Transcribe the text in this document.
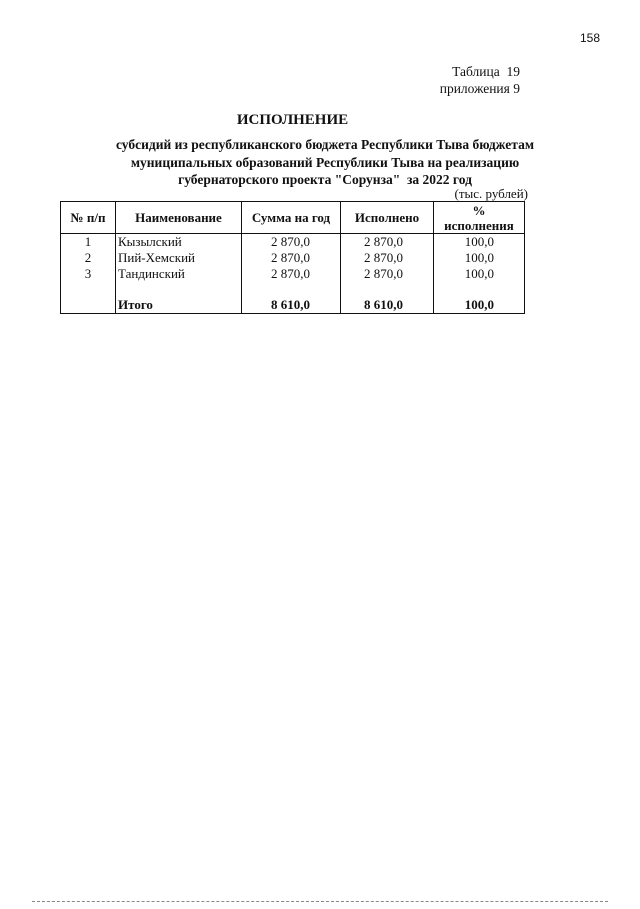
158
Таблица  19
приложения 9
ИСПОЛНЕНИЕ
субсидий из республиканского бюджета Республики Тыва бюджетам
муниципальных образований Республики Тыва на реализацию
губернаторского проекта "Сорунза"  за 2022 год
(тыс. рублей)
№ п/п	Наименование	Сумма на год	Исполнено	%
исполнения

1	Кызылский	2 870,0	2 870,0	100,0
2	Пий-Хемский	2 870,0	2 870,0	100,0
3	Тандинский	2 870,0	2 870,0	100,0

	Итого	8 610,0	8 610,0	100,0
